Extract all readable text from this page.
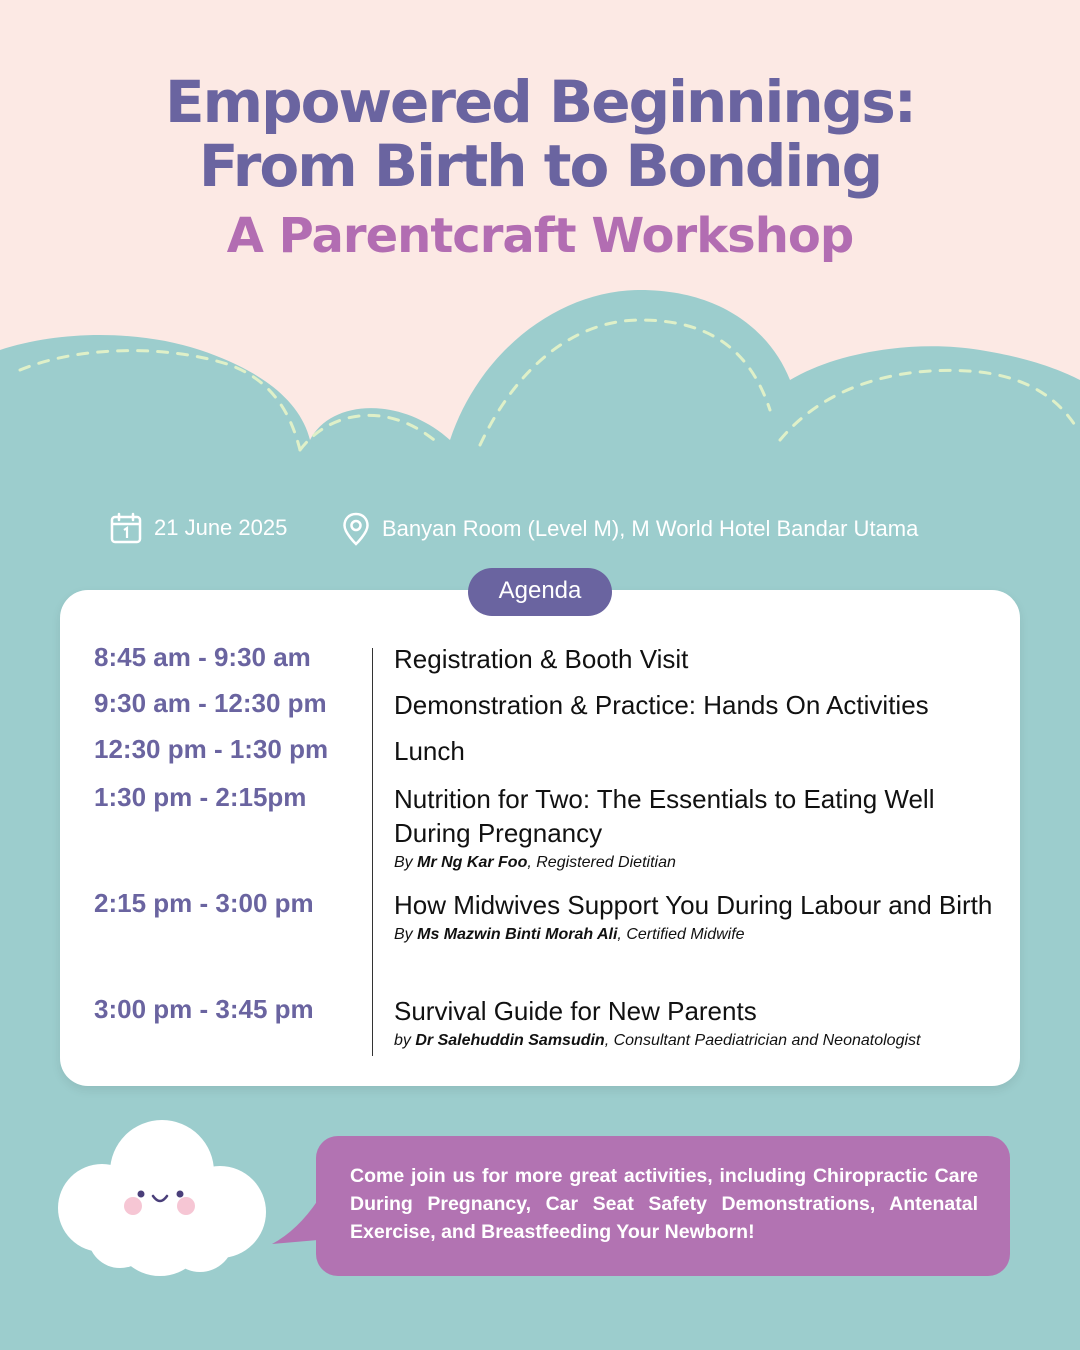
Empowered Beginnings:
From Birth to Bonding
A Parentcraft Workshop
21 June 2025	Banyan Room (Level M), M World Hotel Bandar Utama
Agenda
8:45 am - 9:30 am	Registration & Booth Visit
9:30 am - 12:30 pm	Demonstration & Practice: Hands On Activities
12:30 pm - 1:30 pm	Lunch
1:30 pm - 2:15pm	Nutrition for Two: The Essentials to Eating Well During Pregnancy
By Mr Ng Kar Foo, Registered Dietitian
2:15 pm - 3:00 pm	How Midwives Support You During Labour and Birth
By Ms Mazwin Binti Morah Ali, Certified Midwife
3:00 pm - 3:45 pm	Survival Guide for New Parents
by Dr Salehuddin Samsudin, Consultant Paediatrician and Neonatologist
Come join us for more great activities, including Chiropractic Care During Pregnancy, Car Seat Safety Demonstrations, Antenatal Exercise, and Breastfeeding Your Newborn!
